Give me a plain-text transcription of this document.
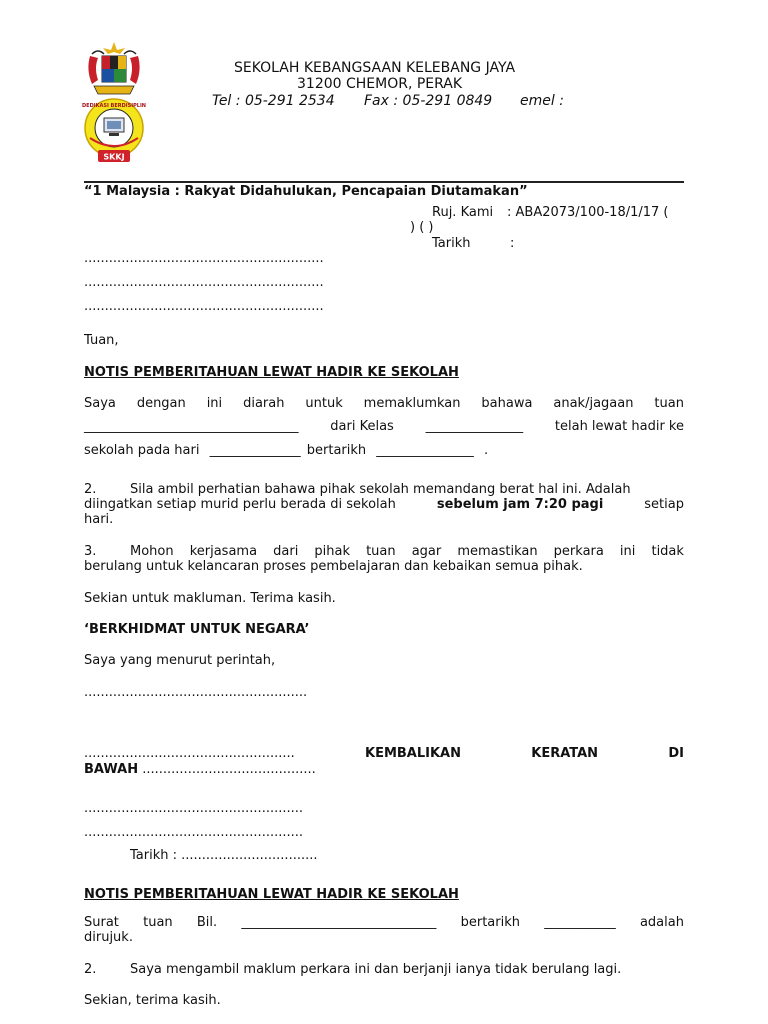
SKKJ
DEDIKASI BERDISIPLIN
SEKOLAH KEBANGSAAN KELEBANG JAYA
31200 CHEMOR, PERAK
Tel : 05-291 2534 Fax : 05-291 0849 emel :
“1 Malaysia : Rakyat Didahulukan, Pencapaian Diutamakan”
Ruj. Kami : ABA2073/100-18/1/17 (
) ( )
Tarikh	:
..........................................................
..........................................................
..........................................................
Tuan,
NOTIS PEMBERITAHUAN LEWAT HADIR KE SEKOLAH
Saya dengan ini diarah untuk memaklumkan bahawa anak/jagaan tuan
_________________________________ dari Kelas _______________ telah lewat hadir ke
sekolah pada hari ______________ bertarikh _______________ .
2.	Sila ambil perhatian bahawa pihak sekolah memandang berat hal ini. Adalah
diingatkan setiap murid perlu berada di sekolah	sebelum jam 7:20 pagi	setiap
hari.
3.	Mohon kerjasama dari pihak tuan agar memastikan perkara ini tidak
berulang untuk kelancaran proses pembelajaran dan kebaikan semua pihak.
Sekian untuk makluman. Terima kasih.
‘BERKHIDMAT UNTUK NEGARA’
Saya yang menurut perintah,
......................................................
...................................................	KEMBALIKAN	KERATAN	DI
BAWAH ..........................................
.....................................................
.....................................................
Tarikh : .................................
NOTIS PEMBERITAHUAN LEWAT HADIR KE SEKOLAH
Surat tuan Bil. ______________________________ bertarikh ___________ adalah
dirujuk.
2.	Saya mengambil maklum perkara ini dan berjanji ianya tidak berulang lagi.
Sekian, terima kasih.
